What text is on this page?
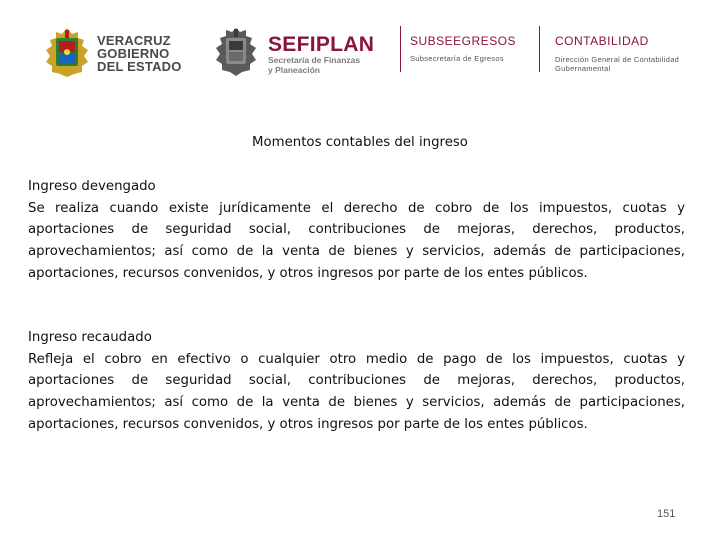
VERACRUZ
GOBIERNO
DEL ESTADO
SEFIPLAN
Secretaría de Finanzas
y Planeación
SUBSEEGRESOS
Subsecretaría de Egresos
CONTABILIDAD
Dirección General de Contabilidad
Gubernamental
Momentos contables del ingreso
Ingreso devengado
Se realiza cuando existe jurídicamente el derecho de cobro de los impuestos, cuotas y aportaciones de seguridad social, contribuciones de mejoras, derechos, productos, aprovechamientos; así como de la venta de bienes y servicios, además de participaciones, aportaciones, recursos convenidos, y otros ingresos por parte de los entes públicos.
Ingreso recaudado
Refleja el cobro en efectivo o cualquier otro medio de pago de los impuestos, cuotas y aportaciones de seguridad social, contribuciones de mejoras, derechos, productos, aprovechamientos; así como de la venta de bienes y servicios, además de participaciones, aportaciones, recursos convenidos, y otros ingresos por parte de los entes públicos.
151
